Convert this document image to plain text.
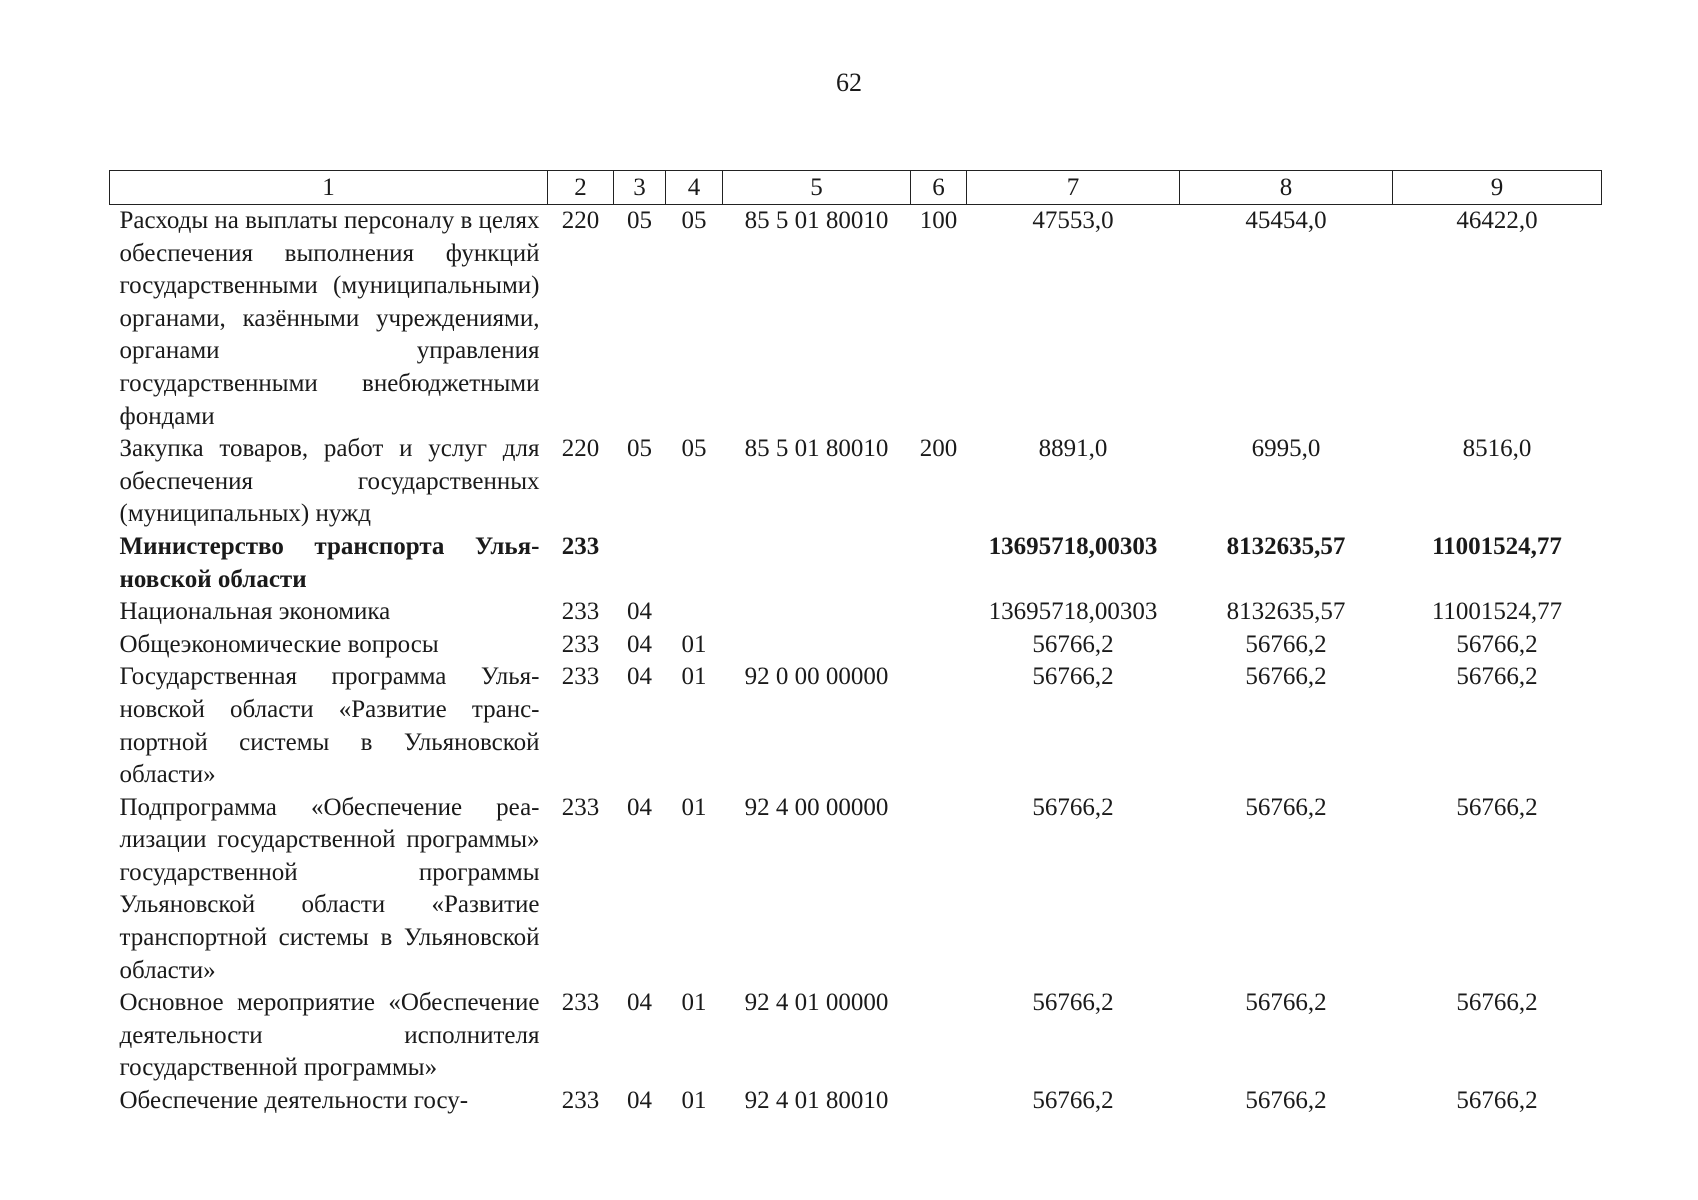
62
1	2	3	4	5	6	7	8	9
Расходы на выплаты персоналу в целях обеспечения выполнения функций государственными (муниципальными) органами, казёнными учреждениями, органами управления государственными внебюджетными фондами	220	05	05	85 5 01 80010	100	47553,0	45454,0	46422,0
Закупка товаров, работ и услуг для обеспечения государственных (муниципальных) нужд	220	05	05	85 5 01 80010	200	8891,0	6995,0	8516,0
Министерство транспорта Ульяновской области	233					13695718,00303	8132635,57	11001524,77
Национальная экономика	233	04				13695718,00303	8132635,57	11001524,77
Общеэкономические вопросы	233	04	01			56766,2	56766,2	56766,2
Государственная программа Ульяновской области «Развитие транспортной системы в Ульяновской области»	233	04	01	92 0 00 00000		56766,2	56766,2	56766,2
Подпрограмма «Обеспечение реализации государственной программы» государственной программы Ульяновской области «Развитие транспортной системы в Ульяновской области»	233	04	01	92 4 00 00000		56766,2	56766,2	56766,2
Основное мероприятие «Обеспечение деятельности исполнителя государственной программы»	233	04	01	92 4 01 00000		56766,2	56766,2	56766,2
Обеспечение деятельности госу-	233	04	01	92 4 01 80010		56766,2	56766,2	56766,2
